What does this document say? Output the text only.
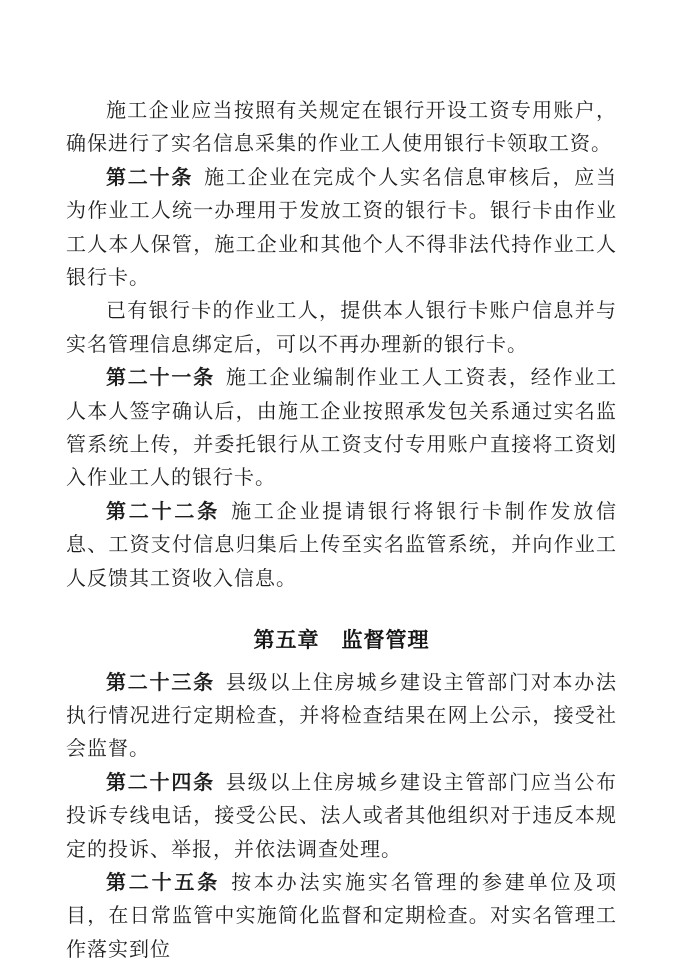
施工企业应当按照有关规定在银行开设工资专用账户，确保进行了实名信息采集的作业工人使用银行卡领取工资。

第二十条 施工企业在完成个人实名信息审核后，应当为作业工人统一办理用于发放工资的银行卡。银行卡由作业工人本人保管，施工企业和其他个人不得非法代持作业工人银行卡。

已有银行卡的作业工人，提供本人银行卡账户信息并与实名管理信息绑定后，可以不再办理新的银行卡。

第二十一条 施工企业编制作业工人工资表，经作业工人本人签字确认后，由施工企业按照承发包关系通过实名监管系统上传，并委托银行从工资支付专用账户直接将工资划入作业工人的银行卡。

第二十二条 施工企业提请银行将银行卡制作发放信息、工资支付信息归集后上传至实名监管系统，并向作业工人反馈其工资收入信息。

第五章　监督管理

第二十三条 县级以上住房城乡建设主管部门对本办法执行情况进行定期检查，并将检查结果在网上公示，接受社会监督。

第二十四条 县级以上住房城乡建设主管部门应当公布投诉专线电话，接受公民、法人或者其他组织对于违反本规定的投诉、举报，并依法调查处理。

第二十五条 按本办法实施实名管理的参建单位及项目，在日常监管中实施简化监督和定期检查。对实名管理工作落实到位
